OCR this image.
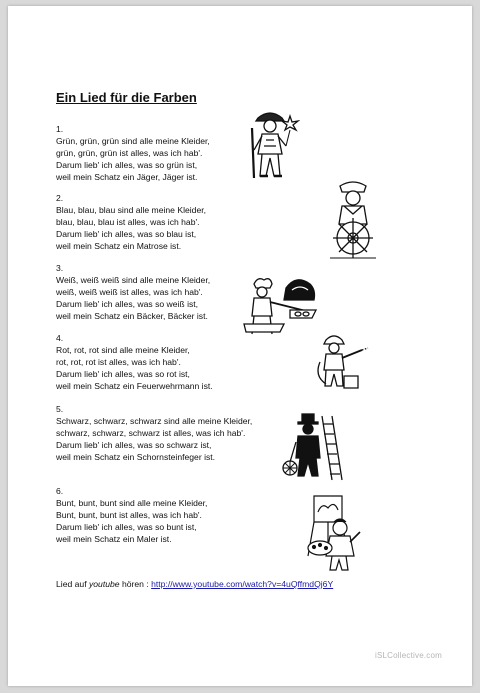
Ein Lied für die Farben
1.
Grün, grün, grün sind alle meine Kleider,
grün, grün, grün ist alles, was ich hab'.
Darum lieb' ich alles, was so grün ist,
weil mein Schatz ein Jäger, Jäger ist.
2.
Blau, blau, blau sind alle meine Kleider,
blau, blau, blau ist alles, was ich hab'.
Darum lieb' ich alles, was so blau ist,
weil mein Schatz ein Matrose ist.
3.
Weiß, weiß weiß sind alle meine Kleider,
weiß, weiß weiß ist alles, was ich hab'.
Darum lieb' ich alles, was so weiß ist,
weil mein Schatz ein Bäcker, Bäcker ist.
4.
Rot, rot, rot sind alle meine Kleider,
rot, rot, rot ist alles, was ich hab'.
Darum lieb' ich alles, was so rot ist,
weil mein Schatz ein Feuerwehrmann ist.
5.
Schwarz, schwarz, schwarz sind alle meine Kleider,
schwarz, schwarz, schwarz ist alles, was ich hab'.
Darum lieb' ich alles, was so schwarz ist,
weil mein Schatz ein Schornsteinfeger ist.
6.
Bunt, bunt, bunt sind alle meine Kleider,
Bunt, bunt, bunt ist alles, was ich hab'.
Darum lieb' ich alles, was so bunt ist,
weil mein Schatz ein Maler ist.
Lied auf youtube hören : http://www.youtube.com/watch?v=4uQffmdQj6Y
iSLCollective.com
